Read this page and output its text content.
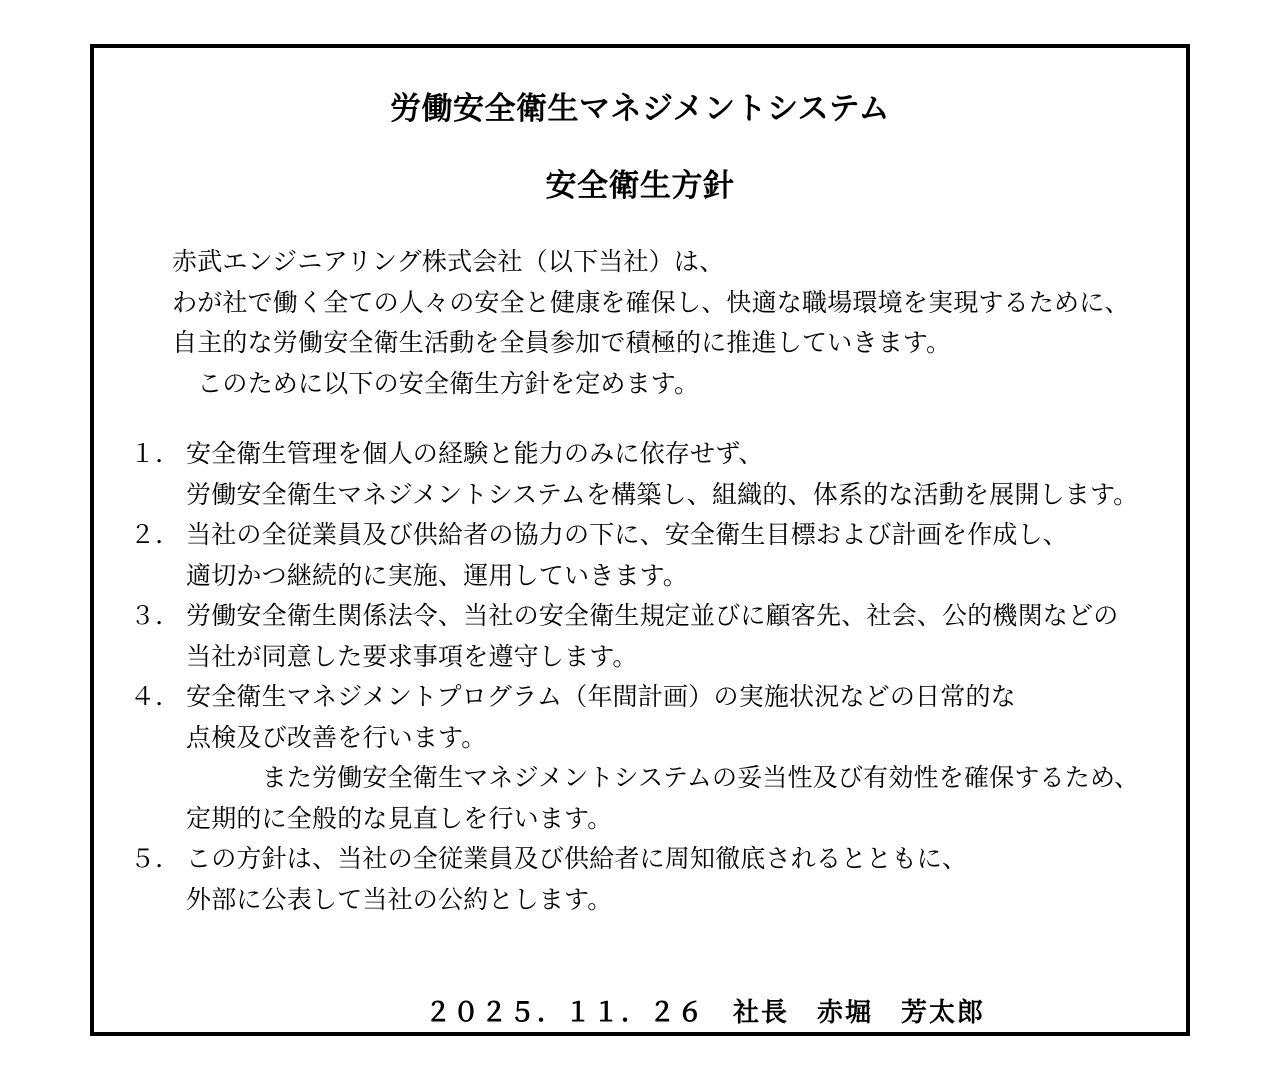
労働安全衛生マネジメントシステム
安全衛生方針
赤武エンジニアリング株式会社（以下当社）は、
わが社で働く全ての人々の安全と健康を確保し、快適な職場環境を実現するために、
自主的な労働安全衛生活動を全員参加で積極的に推進していきます。
　このために以下の安全衛生方針を定めます。
１． 安全衛生管理を個人の経験と能力のみに依存せず、
労働安全衛生マネジメントシステムを構築し、組織的、体系的な活動を展開します。
２． 当社の全従業員及び供給者の協力の下に、安全衛生目標および計画を作成し、
適切かつ継続的に実施、運用していきます。
３． 労働安全衛生関係法令、当社の安全衛生規定並びに顧客先、社会、公的機関などの
当社が同意した要求事項を遵守します。
４． 安全衛生マネジメントプログラム（年間計画）の実施状況などの日常的な
点検及び改善を行います。
　　　また労働安全衛生マネジメントシステムの妥当性及び有効性を確保するため、
定期的に全般的な見直しを行います。
５． この方針は、当社の全従業員及び供給者に周知徹底されるとともに、
外部に公表して当社の公約とします。
２０２５．１１．２６　社長　赤堀　芳太郎
